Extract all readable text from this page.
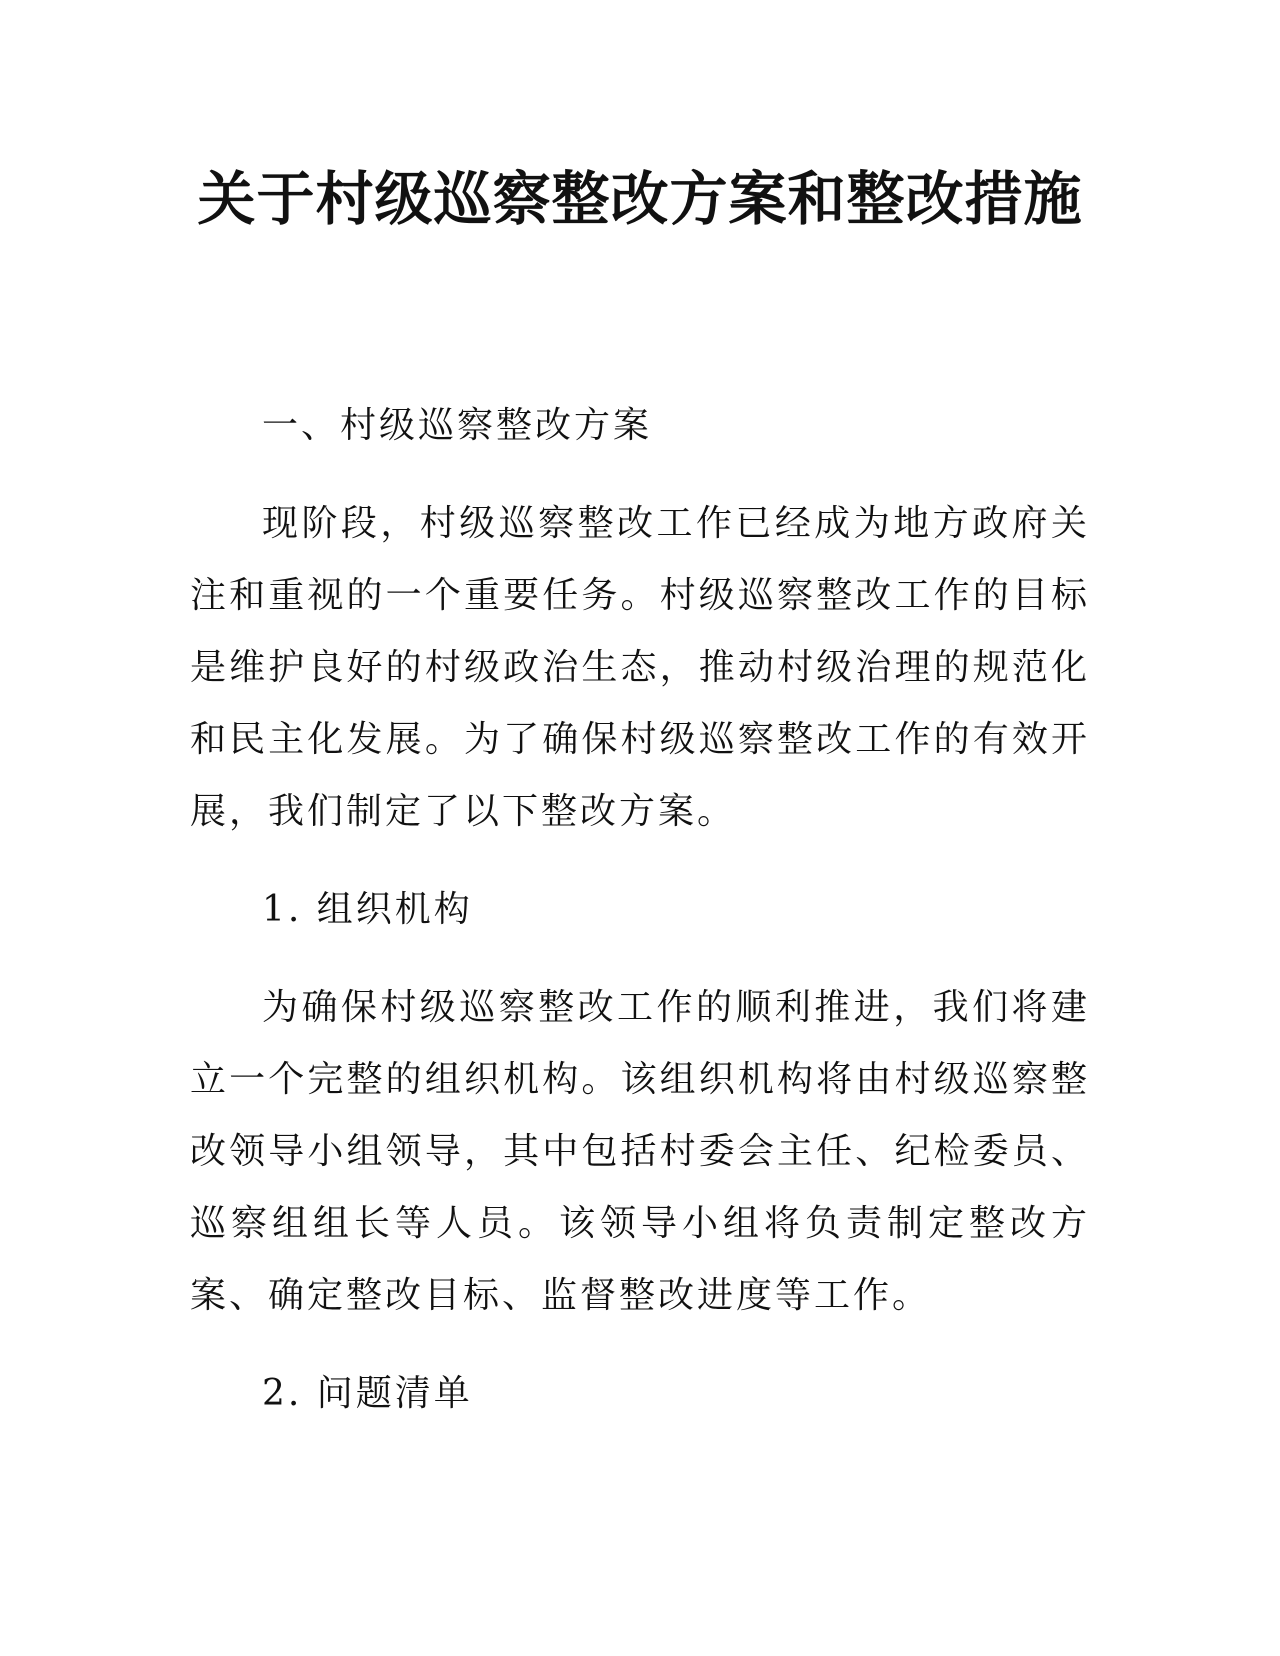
关于村级巡察整改方案和整改措施

一、村级巡察整改方案

现阶段，村级巡察整改工作已经成为地方政府关注和重视的一个重要任务。村级巡察整改工作的目标是维护良好的村级政治生态，推动村级治理的规范化和民主化发展。为了确保村级巡察整改工作的有效开展，我们制定了以下整改方案。

1. 组织机构

为确保村级巡察整改工作的顺利推进，我们将建立一个完整的组织机构。该组织机构将由村级巡察整改领导小组领导，其中包括村委会主任、纪检委员、巡察组组长等人员。该领导小组将负责制定整改方案、确定整改目标、监督整改进度等工作。

2. 问题清单
